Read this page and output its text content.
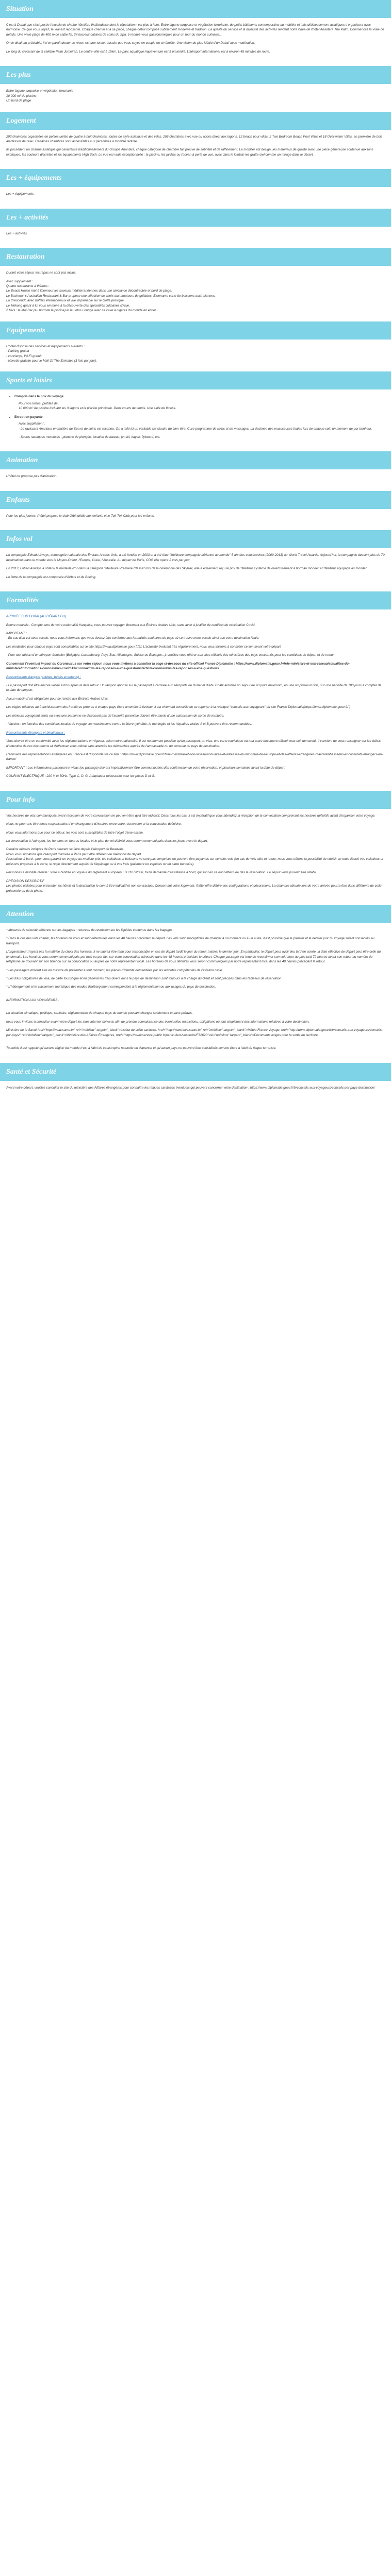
Situation

C'est à Dubaï que s'est posée l'excellente chaîne hôtelière thaïlandaise dont la réputation n'est plus à faire. Entre lagune turquoise et végétation luxuriante, de petits bâtiments contemporains au mobilier et toits délicieusement asiatiques s'organisent avec harmonie. Ce que vous voyez, le vrai est reposante. Chaque chemin et à sa place, chaque détail composé subtilement moderne et tradition. La qualité du service et la diversité des activités rendent notre l'idée de l'hôtel Anantara The Palm. Commencez la vraie de détails. Une vraie plage de 400 m de sable fin, 24 luxueux cabines de soins du Spa, 5 rendez-vous gastronomiques pour un tour du monde culinaire...

On le disait au préalable, il n'en paraît douter ce resort est une totale réussite que vous soyez en couple ou en famille. Une vision de plus idéale d'un Dubaï avec modération.

Le long du croissant de la célèbre Palm Jumeirah. Le centre-ville est à 15km. Le parc aquatique Aquaventure est à proximité. L'aéroport international est à environ 45 minutes de route.

Les plus

Entre lagune turquoise et végétation luxuriante

10 000 m² de piscine

Un bord de plage

Logement

293 chambres organisées en petites unités de quatre à huit chambres, toutes de style asiatique et des villas. 256 chambres avec vue ou accès direct aux lagons, 12 beach pour villas, 2 Two Bedroom Beach Pool Villas et 18 Over-water Villas, en première de bois au-dessus de l'eau. Certaines chambres sont accessibles aux personnes à mobilité réduite.

Ils possèdent un charme asiatique qui caractérise traditionnellement du Groupe Anantara, chaque catégorie de chambre fait preuve de sobriété et de raffinement. Le mobilier est design, les matériaux de qualité avec une pièce généreuse soutenue aux tons exotiques, les couleurs discrètes et les équipements High Tech. Le vue est vraie exceptionnelle : la piscine, les jardins ou l'océan à perte de vue, avec dans le lointain les gratte-ciel comme un mirage dans le désert.

Les + équipements

Les + équipements

Les + activités

Les + activités

Restauration

Durant votre séjour, les repas ne sont pas inclus.

Avec supplément :

Quatre restaurants à thèmes :

Le Beach House met à l'honneur les saveurs méditerranéennes dans une ambiance décontractée et bord de plage.

Le Bushman's Australian Restaurant & Bar propose une sélection de choix aux amateurs de grillades. Étonnante carte de boissons australiennes.

La Crescendo avec buffets internationaux et vue imprenable sur le Golfe persique.

Le Mekong quant à lui vous emmène à la découverte des spécialités culinaires d'Asie.

2 bars : le Mai Bar (au bord de la piscine) et le Lotus Lounge avec sa cave à cigares du monde en entier.

Equipements

L'hôtel dispose des services et équipements suivants :

- Parking gratuit

- concierge, Wi-Fi gratuit

- Navette gratuite pour le Mall Of The Emirates (3 fois par jour).

Sports et loisirs
• Compris dans le prix du voyage

Pour vos loisirs, profitez de :

10 000 m² de piscine incluant les 3 lagons et la piscine principale. Deux courts de tennis. Une salle de fitness.

• En option payante

Avec supplément :

- Le ravissant Anantara en matière de Spa et de soins est reconnu. On a tellé ici un véritable sanctuaire du bien-être. Cure programme de soins et de massages. La destinée des massseuses thaïes lors de chaque soin un moment de pur bonheur.

- Sports nautiques motorisés : planche de plongée, location de bateau, jet-ski, kayak, flyboard, etc.

Animation

L'hôtel ne propose pas d'animation.

Enfants

Pour les plus jeunes, l'hôtel propose le club Orbit dédié aux enfants et le Tuk Tuk Club pour les enfants.

Infos vol

La compagnie Etihad Airways, compagnie nationale des Émirats Arabes Unis, a été fondée en 2003 et a été élue "Meilleure compagnie aérienne au monde" 5 années consécutives (2009-2013) au World Travel Awards. Aujourd'hui, la compagnie dessert plus de 70 destinations dans le monde vers le Moyen-Orient, l'Europe, l'Asie, l'Australie. Au départ de Paris, CDG elle opère 2 vols par jour.

En 2013, Etihad Airways a obtenu la médaille d'or dans la catégorie "Meilleure Première Classe" lors de la cérémonie des Skytrax, elle a également reçu le prix de "Meilleur système de divertissement à bord au monde" et "Meilleur équipage au monde".

La flotte de la compagnie est composée d'Airbus et de Boeing.

Formalités

ARRIVÉE SUR DUBAI (AU DÉPART DU)

Bonne nouvelle : Compte tenu de votre nationalité française, vous pouvez voyager librement aux Émirats Arabes Unis, sans avoir à justifier de certificat de vaccination Covid.

IMPORTANT :

- En cas d'un voi avec escale, nous vous informons que vous devrez être conforme aux formalités sanitaires du pays où se trouve notre escale ainsi que votre destination finale.

Les modalités pour chaque pays sont consultables sur le site https://www.diplomatie.gouv.fr/fr/. L'actualité évoluant très régulièrement, nous vous invitons à consulter ce lien avant votre départ.

- Pour tout départ d'un aéroport frontalier (Belgique, Luxembourg, Pays-Bas, Allemagne, Suisse ou Espagne...), veuillez vous référer aux sites officiels des ministères des pays concernés pour les conditions de départ et de retour.

Concernant l'éventuel impact du Coronavirus sur votre séjour, nous vous invitons à consulter la page ci-dessous du site officiel France Diplomatie : https://www.diplomatie.gouv.fr/fr/le-ministere-et-son-reseau/actualites-du-ministere/informations-coronavirus-covid-19/coronavirus-les-reponses-a-vos-questions/article/coronavirus-les-reponses-a-vos-questions

Ressortissants français (adultes, bébés et enfants) :

- Le passeport doit être encore valide à trois après la date retour. Un tampon apposé sur le passeport à l'arrivée aux aéroports de Dubaï et d'Abu Dhabi autorise un séjour de 90 jours maximum, en une ou plusieurs fois, sur une période de 180 jours à compter de la date du tampon.

Aucun vaccin n'est obligatoire pour se rendre aux Émirats Arabes Unis.

Les règles relatives au franchissement des frontières propres à chaque pays étant amenées à évoluer, il est vivement conseillé de se reporter à la rubrique "conseils aux voyageurs" du site France Diplomatie(https://www.diplomatie.gouv.fr/ )

Les mineurs voyageant seuls ou avec une personne ne disposant pas de l'autorité parentale doivent être munis d'une autorisation de sortie de territoire.

- Vaccins : en fonction des conditions locales de voyage, les vaccinations contre la fièvre typhoïde, la méningite et les hépatites virales A et B peuvent être recommandées.

Ressortissants étrangers et binationaux :

Vous devrez être en conformité avec les réglementations en vigueur, selon votre nationalité. Il est notamment possible qu'un passeport, un visa, une carte touristique ou tout autre document officiel vous soit demandé. Il convient de vous renseigner sur les délais d'obtention de ces documents et d'effectuer vous-même sans attendre les démarches auprès de l'ambassade ou du consulat du pays de destination.

L'annuaire des représentations étrangères en France est disponible via ce lien : https://www.diplomatie.gouv.fr/fr/le-ministere-et-son-reseau/annuaires-et-adresses-du-ministere-de-l-europe-et-des-affaires-etrangeres-maedi/ambassades-et-consulats-etrangers-en-france/

IMPORTANT : Les informations passeport et visas (ou passage) devront impérativement être communiquées dès confirmation de votre réservation, et plusieurs semaines avant la date de départ.

COURANT ELECTRIQUE : 220 V et 50Hz. Type C, D, G. Adaptateur nécessaire pour les prises D et G.

Pour info

Vos horaires de vols communiqués avant réception de votre convocation ne peuvent être qu'à titre indicatif. Dans tous les cas, il est impératif que vous attendiez la réception de la convocation comprenant les horaires définitifs avant d'organiser votre voyage.

Nous ne pourrons être tenus responsables d'un changement d'horaires entre votre réservation et la convocation définitive.

Nous vous informons que pour ce séjour, les vols sont susceptibles de faire l'objet d'une escale.

La convocation à l'aéroport, les horaires en heures locales et le plan de vol définitif vous seront communiqués dans les jours avant le départ.

Certains départs indiqués de Paris peuvent se faire depuis l'aéroport de Beauvais.

Nous vous signalons que l'aéroport d'arrivée à Paris peut être différent de l'aéroport de départ.

Prestations à bord : pour vous garantir un voyage au meilleur prix, les collations et boissons ne sont pas comprises ou peuvent être payantes sur certains vols (en cas de vols aller et retour, nous vous offrons la possibilité de choisir en toute liberté vos collations et boissons proposés à la carte, le règle directement auprès de l'équipage ou à vos frais (paiement en espèces ou en carte bancaire).

Personnes à mobilité réduite : suite à l'entrée en vigueur du règlement européen EU 1107/2006, toute demande d'assistance à bord, qui sont en ce dont effectuée dès la réservation. Le séjour vous pouvez être rétabli.

PRÉCISION DESCRIPTIF

Les photos utilisées pour présenter les hôtels et la destination le sont à titre indicatif et non contractuel. Concernant votre logement, l'hôtel offre différentes configurations et décorations. La chambre allouée lors de votre arrivée pourra être donc différente de celle présentée ou de la photo.

Attention

* Mesures de sécurité aérienne sur les bagages : nouveau de restriction sur les liquides contenus dans les bagages

* Dans le cas des vols charter, les horaires de vous et sont déterminés dans les 48 heures précédant le départ. Les vols sont susceptibles de changer à un moment ou à un autre, il est possible que le premier et le dernier jour du voyage soient consacrés au transport.

L'organisateur n'ayant pas la maîtrise du choix des horaires, il ne saurait être tenu pour responsable en cas de départ tardif le jour du retour matinal le dernier jour. En particulier, le départ peut avoir lieu tard en soirée, la date effective de départ peut être celle du lendemain. Les horaires vous seront communiqués par mail ou par fax, sur votre convocation adressée dans les 48 heures précédant le départ. Chaque passager est tenu de reconfirmer son vol retour au plus tard 72 heures avant son retour au numéro de téléphone se trouvant sur son billet ou sur sa convocation ou auprès de notre représentant local. Les horaires de vous définitifs vous seront communiqués par notre représentant local dans les 48 heures précédant le retour.

* Les passagers doivent être en mesure de présenter à tout moment, les pièces d'identité demandées par les autorités compétentes de l'aviation civile.

* Les frais obligatoires de visa, de carte touristique et en général les frais divers dans le pays de destination sont toujours à la charge du client et sont précisés dans les tableaux de réservation.

* L'hébergement et le classement touristique des modes d'hébergement correspondent à la réglementation ou aux usages du pays de destination.

INFORMATION AUX VOYAGEURS :

La situation climatique, politique, sanitaire, réglementaire de chaque pays du monde pouvant changer subitement et sans préavis.

nous vous invitons à consulter avant votre départ les sites Internet suivants afin de prendre connaissance des éventuelles restrictions, obligations ou tout simplement des informations relatives à votre destination.

Ministère de la Santé href="http://www.sante.fr/" rel="nofollow" target="_blank">Institut de veille sanitaire. href="http://www.invs.sante.fr/" rel="nofollow" target="_blank">Météo France Voyage, href="http://www.diplomatie.gouv.fr/fr/conseils-aux-voyageurs/conseils-par-pays/" rel="nofollow" target="_blank">Ministère des Affaires Étrangères, href="https://www.service-public.fr/particuliers/vosdroits/F32620" rel="nofollow" target="_blank">Documents exigés pour la sortie du territoire.

Toutefois il est rappelé qu'aucune région du monde n'est à l'abri de catastrophe naturelle ou d'attentat et qu'aucun pays ne peuvent être considérés comme étant à l'abri du risque terroriste.

Santé et Sécurité

Avant votre départ, veuillez consulter le site du ministère des Affaires étrangères pour connaître les risques sanitaires éventuels qui peuvent concerner votre destination : https://www.diplomatie.gouv.fr/fr/conseils-aux-voyageurs/conseils-par-pays-destination/
